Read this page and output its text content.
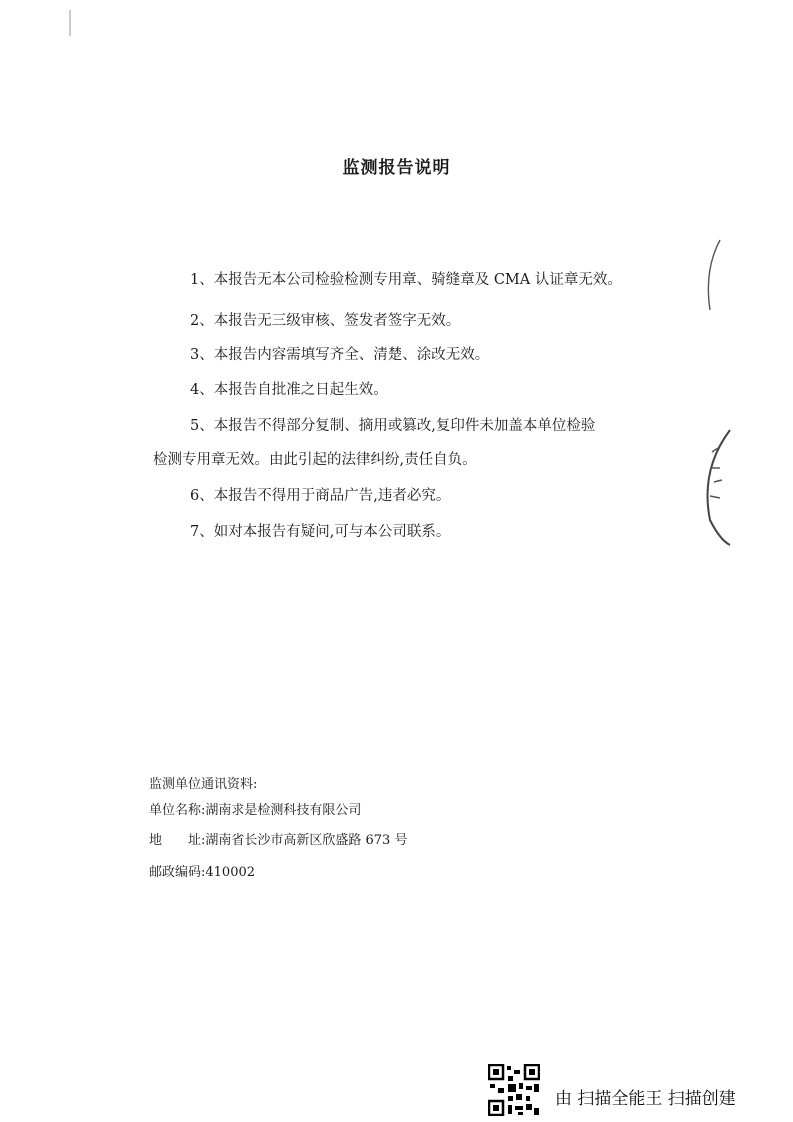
监测报告说明
1、本报告无本公司检验检测专用章、骑缝章及 CMA 认证章无效。
2、本报告无三级审核、签发者签字无效。
3、本报告内容需填写齐全、清楚、涂改无效。
4、本报告自批准之日起生效。
5、本报告不得部分复制、摘用或篡改,复印件未加盖本单位检验
检测专用章无效。由此引起的法律纠纷,责任自负。
6、本报告不得用于商品广告,违者必究。
7、如对本报告有疑问,可与本公司联系。
监测单位通讯资料:
单位名称:湖南求是检测科技有限公司
地　　址:湖南省长沙市高新区欣盛路 673 号
邮政编码:410002
由 扫描全能王 扫描创建
